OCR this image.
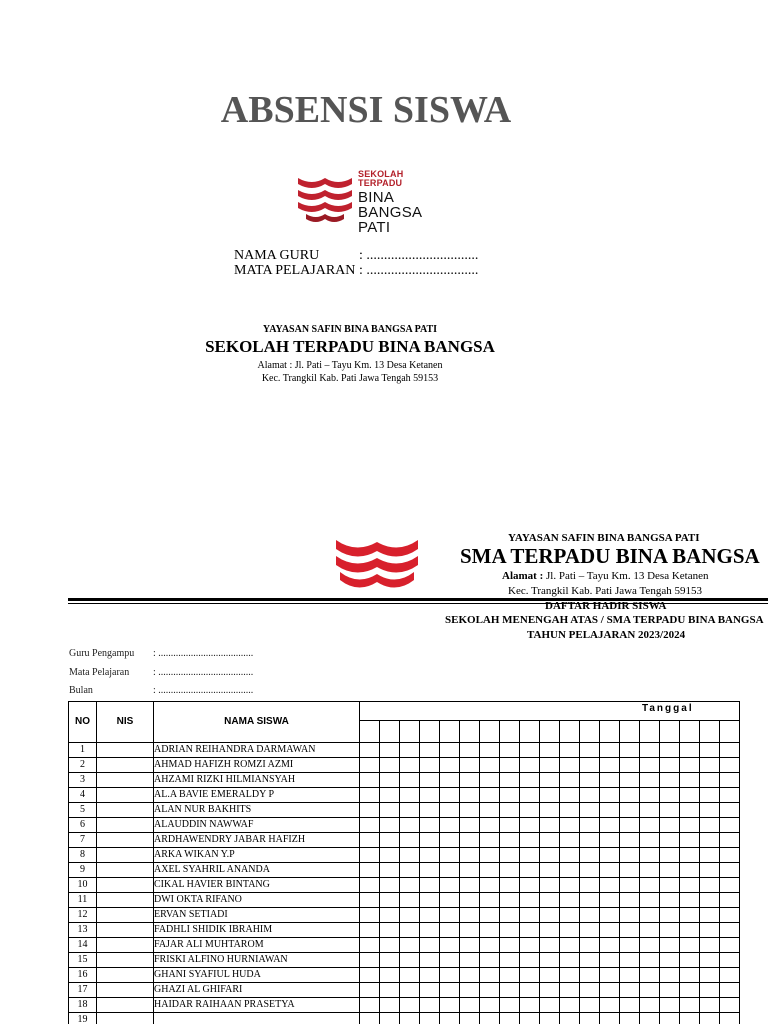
ABSENSI SISWA
SEKOLAH TERPADU
BINA
BANGSA
PATI
NAMA GURU	: ................................
MATA PELAJARAN : ................................
YAYASAN SAFIN BINA BANGSA PATI
SEKOLAH TERPADU BINA BANGSA
Alamat : Jl. Pati – Tayu Km. 13 Desa Ketanen
Kec. Trangkil Kab. Pati Jawa Tengah 59153
YAYASAN SAFIN BINA BANGSA PATI
SMA TERPADU BINA BANGSA
Alamat : Jl. Pati – Tayu Km. 13 Desa Ketanen
Kec. Trangkil Kab. Pati Jawa Tengah 59153
DAFTAR HADIR SISWA
SEKOLAH MENENGAH ATAS / SMA TERPADU BINA BANGSA
TAHUN PELAJARAN 2023/2024
Guru Pengampu : ......................................
Mata Pelajaran : ......................................
Bulan	: ......................................
NO	NIS	NAMA SISWA																			

1		ADRIAN REIHANDRA DARMAWAN																			
2		AHMAD HAFIZH ROMZI AZMI																			
3		AHZAMI RIZKI HILMIANSYAH																			
4		AL.A BAVIE EMERALDY P																			
5		ALAN NUR BAKHITS																			
6		ALAUDDIN NAWWAF																			
7		ARDHAWENDRY JABAR HAFIZH																			
8		ARKA WIKAN Y.P																			
9		AXEL SYAHRIL ANANDA																			
10		CIKAL HAVIER BINTANG																			
11		DWI OKTA RIFANO																			
12		ERVAN SETIADI																			
13		FADHLI SHIDIK IBRAHIM																			
14		FAJAR ALI MUHTAROM																			
15		FRISKI ALFINO HURNIAWAN																			
16		GHANI SYAFIUL HUDA																			
17		GHAZI AL GHIFARI																			
18		HAIDAR RAIHAAN PRASETYA																			
19																					
Tanggal
